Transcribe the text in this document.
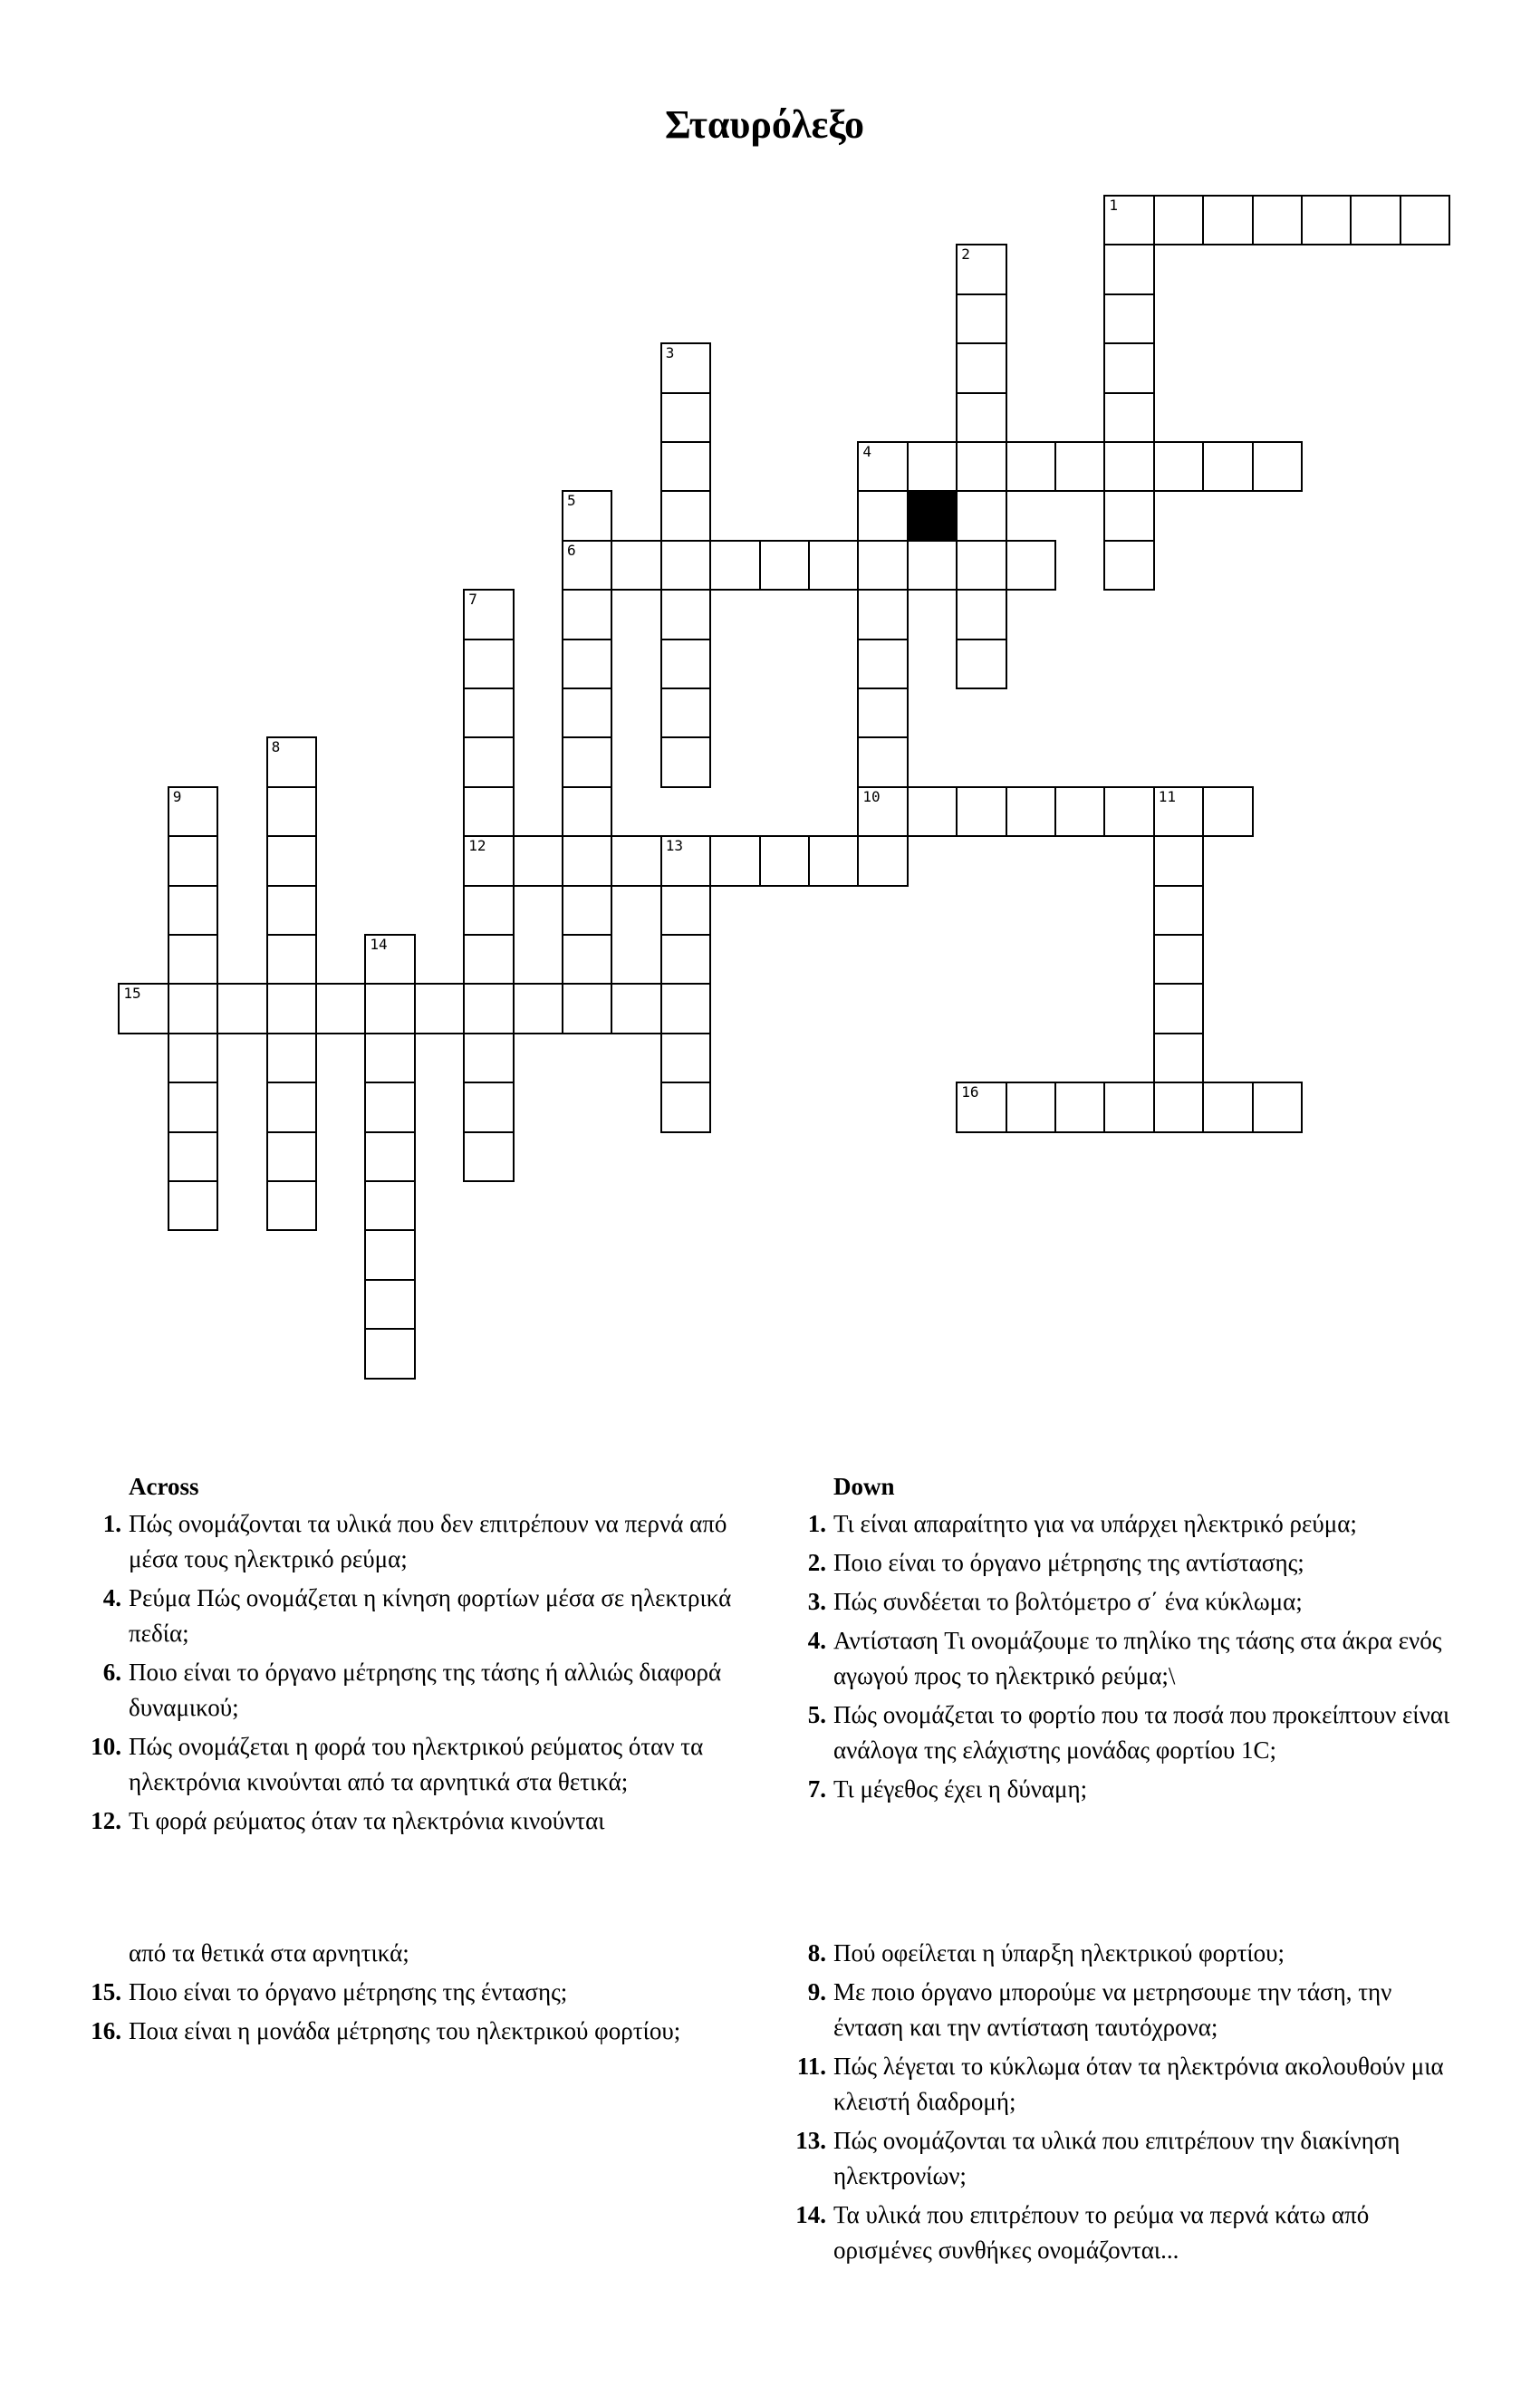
Σταυρόλεξο
1
2
3
4
10
5
6
7
12
8
9	11
13
14
15
16
Across
1. Πώς ονομάζονται τα υλικά που δεν επιτρέπουν να περνά από μέσα τους ηλεκτρικό ρεύμα;
4. Ρεύμα Πώς ονομάζεται η κίνηση φορτίων μέσα σε ηλεκτρικά πεδία;
6. Ποιο είναι το όργανο μέτρησης της τάσης ή αλλιώς διαφορά δυναμικού;
10. Πώς ονομάζεται η φορά του ηλεκτρικού ρεύματος όταν τα ηλεκτρόνια κινούνται από τα αρνητικά στα θετικά;
12. Τι φορά ρεύματος όταν τα ηλεκτρόνια κινούνται
από τα θετικά στα αρνητικά;
15. Ποιο είναι το όργανο μέτρησης της έντασης;
16. Ποια είναι η μονάδα μέτρησης του ηλεκτρικού φορτίου;
Down
1. Τι είναι απαραίτητο για να υπάρχει ηλεκτρικό ρεύμα;
2. Ποιο είναι το όργανο μέτρησης της αντίστασης;
3. Πώς συνδέεται το βολτόμετρο σ΄ ένα κύκλωμα;
4. Αντίσταση Τι ονομάζουμε το πηλίκο της τάσης στα άκρα ενός αγωγού προς το ηλεκτρικό ρεύμα;\
5. Πώς ονομάζεται το φορτίο που τα ποσά που προκείπτουν είναι ανάλογα της ελάχιστης μονάδας φορτίου 1C;
7. Τι μέγεθος έχει η δύναμη;
8. Πού οφείλεται η ύπαρξη ηλεκτρικού φορτίου;
9. Με ποιο όργανο μπορούμε να μετρησουμε την τάση, την ένταση και την αντίσταση ταυτόχρονα;
11. Πώς λέγεται το κύκλωμα όταν τα ηλεκτρόνια ακολουθούν μια κλειστή διαδρομή;
13. Πώς ονομάζονται τα υλικά που επιτρέπουν την διακίνηση ηλεκτρονίων;
14. Τα υλικά που επιτρέπουν το ρεύμα να περνά κάτω από ορισμένες συνθήκες ονομάζονται...
